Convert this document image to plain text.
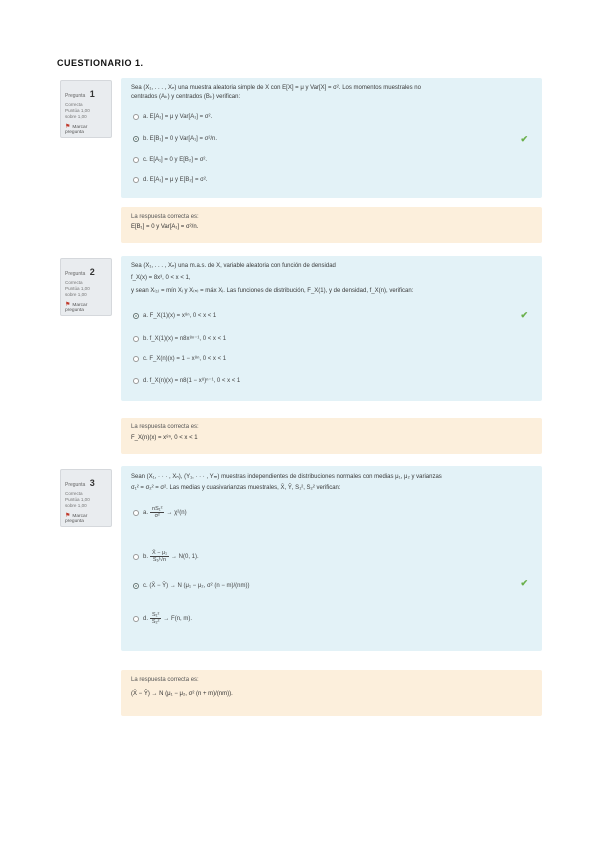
CUESTIONARIO 1.
Pregunta 1
Correcta
Puntúa 1,00
sobre 1,00
⚑ Marcar pregunta
Sea (X₁, . . . , Xₙ) una muestra aleatoria simple de X con E[X] = μ y Var[X] = σ². Los momentos muestrales no
centrados (Aₖ) y centrados (Bₖ) verifican:
a. E[A₁] = μ y Var[A₁] = σ².
b. E[B₁] = 0 y Var[A₁] = σ²/n.
c. E[A₁] = 0 y E[B₂] = σ².
d. E[A₁] = μ y E[B₂] = σ².
✔
La respuesta correcta es:
E[B₁] = 0 y Var[A₁] = σ²/n.
Pregunta 2
Correcta
Puntúa 1,00
sobre 1,00
⚑ Marcar pregunta
Sea (X₁, . . . , Xₙ) una m.a.s. de X, variable aleatoria con función de densidad
f_X(x) = 8x³, 0 < x < 1,
y sean X₍₁₎ = mín Xᵢ y X₍ₙ₎ = máx Xᵢ. Las funciones de distribución, F_X(1), y de densidad, f_X(n), verifican:
a. F_X(1)(x) = x⁸ⁿ, 0 < x < 1
b. f_X(1)(x) = n8x⁸ⁿ⁻¹, 0 < x < 1
c. F_X(n)(x) = 1 − x⁸ⁿ, 0 < x < 1
d. f_X(n)(x) = n8(1 − x⁸)ⁿ⁻¹, 0 < x < 1
✔
La respuesta correcta es:
F_X(n)(x) = x⁸ⁿ, 0 < x < 1
Pregunta 3
Correcta
Puntúa 1,00
sobre 1,00
⚑ Marcar pregunta
Sean (X₁, · · · , Xₙ), (Y₁, · · · , Yₘ) muestras independientes de distribuciones normales con medias μ₁, μ₂ y varianzas
σ₁² = σ₂² = σ². Las medias y cuasivarianzas muestrales, X̄, Ȳ, S₁², S₂² verifican:
a. $\frac{\text{nS₁²}}{\text{σ²}} \to \chi^2(n)$
b. $\frac{\text{X̄ − μ₁}}{\text{S₁/√n}} \to N(0$, 1).
c.
(X̄ − Ȳ) → N (μ₁ − μ₂, σ² (n − m)/(nm))
d. $\frac{\text{S₁²}}{\text{S₂²}} \to F(n$, m).
✔
La respuesta correcta es:
(X̄ − Ȳ) → N (μ₁ − μ₂, σ² (n + m)/(nm)).
